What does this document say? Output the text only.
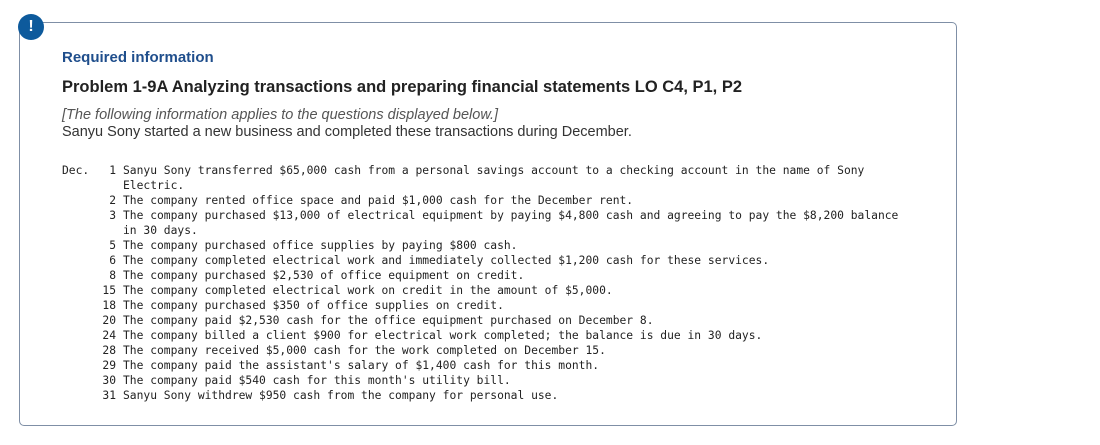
!
Required information
Problem 1-9A Analyzing transactions and preparing financial statements LO C4, P1, P2
[The following information applies to the questions displayed below.]
Sanyu Sony started a new business and completed these transactions during December.
Dec.	1 Sanyu Sony transferred $65,000 cash from a personal savings account to a checking account in the name of Sony Electric.
2 The company rented office space and paid $1,000 cash for the December rent.
3 The company purchased $13,000 of electrical equipment by paying $4,800 cash and agreeing to pay the $8,200 balance in 30 days.
5 The company purchased office supplies by paying $800 cash.
6 The company completed electrical work and immediately collected $1,200 cash for these services.
8 The company purchased $2,530 of office equipment on credit.
15 The company completed electrical work on credit in the amount of $5,000.
18 The company purchased $350 of office supplies on credit.
20 The company paid $2,530 cash for the office equipment purchased on December 8.
24 The company billed a client $900 for electrical work completed; the balance is due in 30 days.
28 The company received $5,000 cash for the work completed on December 15.
29 The company paid the assistant's salary of $1,400 cash for this month.
30 The company paid $540 cash for this month's utility bill.
31 Sanyu Sony withdrew $950 cash from the company for personal use.
